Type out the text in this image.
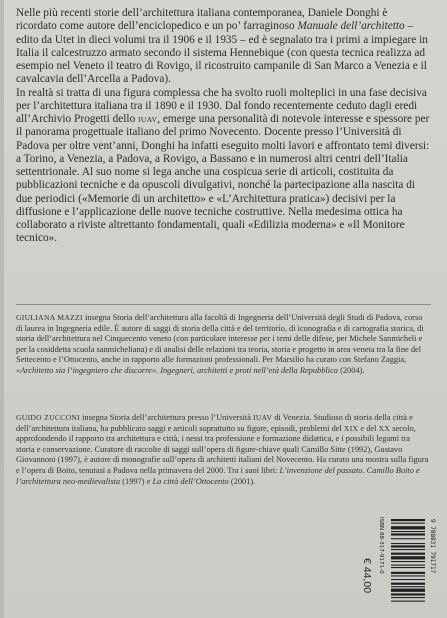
Nelle più recenti storie dell’architettura italiana contemporanea, Daniele Donghi è ricordato come autore dell’enciclopedico e un po’ farraginoso Manuale dell’architetto – edito da Utet in dieci volumi tra il 1906 e il 1935 – ed è segnalato tra i primi a impiegare in Italia il calcestruzzo armato secondo il sistema Hennebique (con questa tecnica realizza ad esempio nel Veneto il teatro di Rovigo, il ricostruito campanile di San Marco a Venezia e il cavalcavia dell’Arcella a Padova).

In realtà si tratta di una figura complessa che ha svolto ruoli molteplici in una fase decisiva per l’architettura italiana tra il 1890 e il 1930. Dal fondo recentemente ceduto dagli eredi all’Archivio Progetti dello IUAV, emerge una personalità di notevole interesse e spessore per il panorama progettuale italiano del primo Novecento. Docente presso l’Università di Padova per oltre vent’anni, Donghi ha infatti eseguito molti lavori e affrontato temi diversi: a Torino, a Venezia, a Padova, a Rovigo, a Bassano e in numerosi altri centri dell’Italia settentrionale. Al suo nome si lega anche una cospicua serie di articoli, costituita da pubblicazioni tecniche e da opuscoli divulgativi, nonché la partecipazione alla nascita di due periodici («Memorie di un architetto» e «L’Architettura pratica») decisivi per la diffusione e l’applicazione delle nuove tecniche costruttive. Nella medesima ottica ha collaborato a riviste altrettanto fondamentali, quali «Edilizia moderna» e «Il Monitore tecnico».

GIULIANA MAZZI insegna Storia dell’architettura alla facoltà di Ingegneria dell’Università degli Studi di Padova, corso di laurea in Ingegneria edile. È autore di saggi di storia della città e del territorio, di iconografia e di cartografia storica, di storia dell’architettura nel Cinquecento veneto (con particolare interesse per i temi delle difese, per Michele Sanmicheli e per la cosiddetta scuola sanmicheliana) e di analisi delle relazioni tra teoria, storia e progetto in area veneta tra la fine del Settecento e l’Ottocento, anche in rapporto alle formazioni professionali. Per Marsilio ha curato con Stefano Zaggia, «Architetto sia l’ingegniero che discorre». Ingegneri, architetti e proti nell’età della Repubblica (2004).

GUIDO ZUCCONI insegna Storia dell’architettura presso l’Università IUAV di Venezia. Studioso di storia della città e dell’architettura italiana, ha pubblicato saggi e articoli soprattutto su figure, episodi, problemi del XIX e del XX secolo, approfondendo il rapporto tra architettura e città, i nessi tra professione e formazione didattica, e i possibili legami tra storia e conservazione. Curatore di raccolte di saggi sull’opera di figure-chiave quali Camillo Sitte (1992), Gustavo Giovannoni (1997), è autore di monografie sull’opera di architetti italiani del Novecento. Ha curato una mostra sulla figura e l’opera di Boito, tenutasi a Padova nella primavera del 2000. Tra i suoi libri: L’invenzione del passato. Camillo Boito e l’architettura neo-medievalista (1997) e La città dell’Ottocento (2001).

€ 44,00
ISBN 88-317-9171-0	9 788831 791717
